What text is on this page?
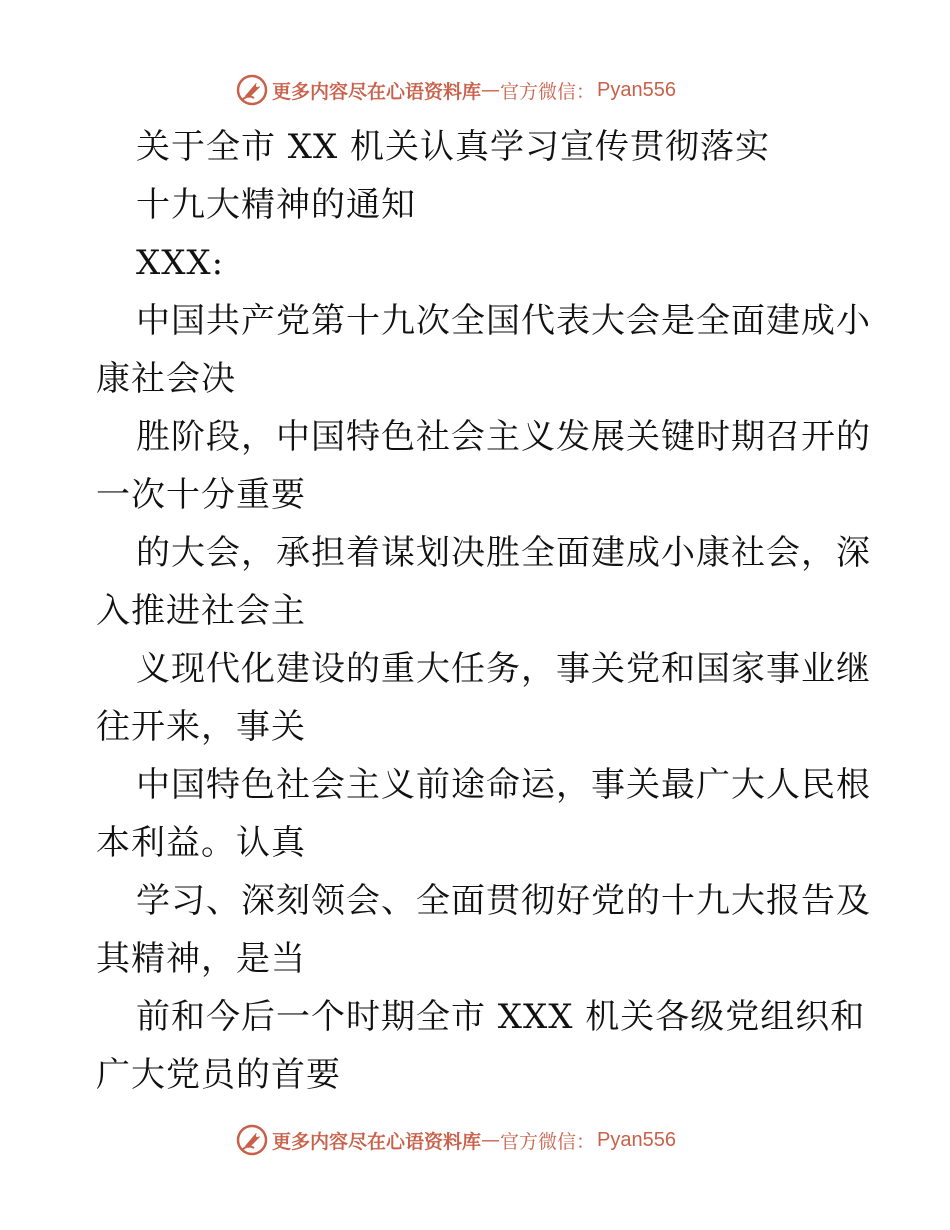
更多内容尽在心语资料库 — 官方微信： Pyan556
关于全市 XX 机关认真学习宣传贯彻落实
十九大精神的通知
XXX:
中国共产党第十九次全国代表大会是全面建成小
康社会决
胜阶段，中国特色社会主义发展关键时期召开的
一次十分重要
的大会，承担着谋划决胜全面建成小康社会，深
入推进社会主
义现代化建设的重大任务，事关党和国家事业继
往开来，事关
中国特色社会主义前途命运，事关最广大人民根
本利益。认真
学习、深刻领会、全面贯彻好党的十九大报告及
其精神，是当
前和今后一个时期全市 XXX 机关各级党组织和
广大党员的首要
更多内容尽在心语资料库 — 官方微信： Pyan556
